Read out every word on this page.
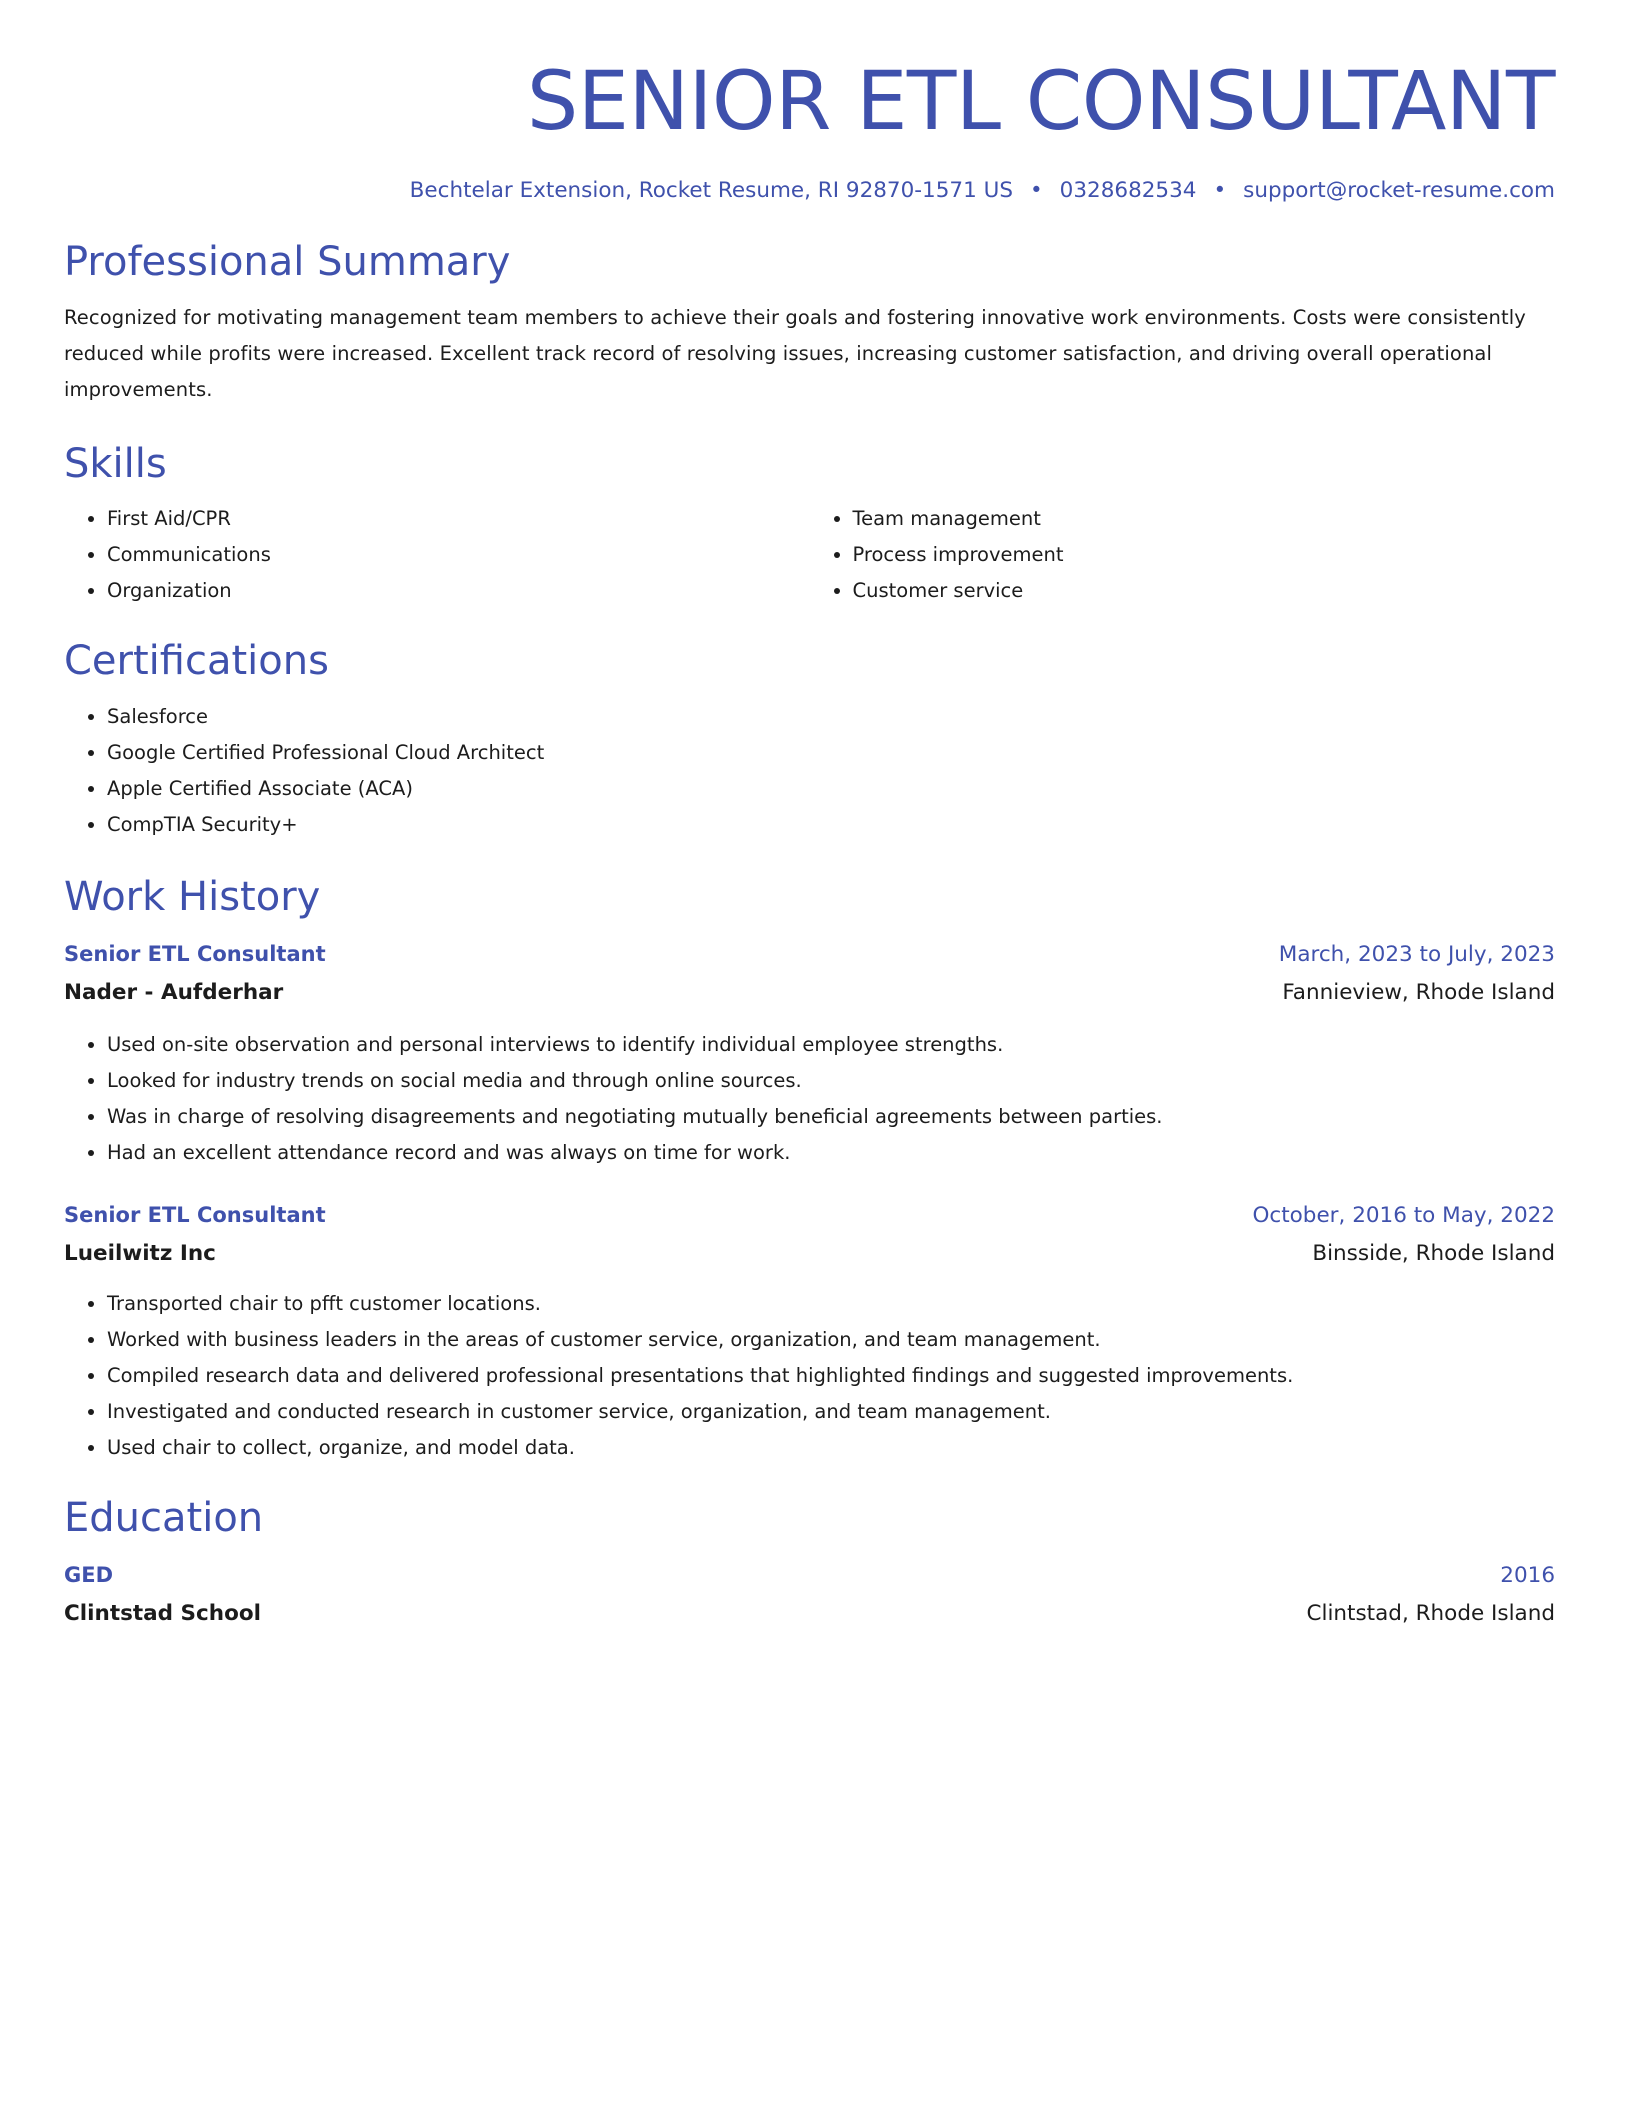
SENIOR ETL CONSULTANT
Bechtelar Extension, Rocket Resume, RI 92870-1571 US • 0328682534 • support@rocket-resume.com
Professional Summary

Recognized for motivating management team members to achieve their goals and fostering innovative work environments. Costs were consistently reduced while profits were increased. Excellent track record of resolving issues, increasing customer satisfaction, and driving overall operational improvements.

Skills
• First Aid/CPR
• Communications
• Organization
• Team management
• Process improvement
• Customer service
Certifications
• Salesforce
• Google Certified Professional Cloud Architect
• Apple Certified Associate (ACA)
• CompTIA Security+
Work History
Senior ETL Consultant	March, 2023 to July, 2023
Nader - Aufderhar	Fannieview, Rhode Island
• Used on-site observation and personal interviews to identify individual employee strengths.
• Looked for industry trends on social media and through online sources.
• Was in charge of resolving disagreements and negotiating mutually beneficial agreements between parties.
• Had an excellent attendance record and was always on time for work.
Senior ETL Consultant	October, 2016 to May, 2022
Lueilwitz Inc	Binsside, Rhode Island
• Transported chair to pfft customer locations.
• Worked with business leaders in the areas of customer service, organization, and team management.
• Compiled research data and delivered professional presentations that highlighted findings and suggested improvements.
• Investigated and conducted research in customer service, organization, and team management.
• Used chair to collect, organize, and model data.
Education
GED	2016
Clintstad School	Clintstad, Rhode Island
